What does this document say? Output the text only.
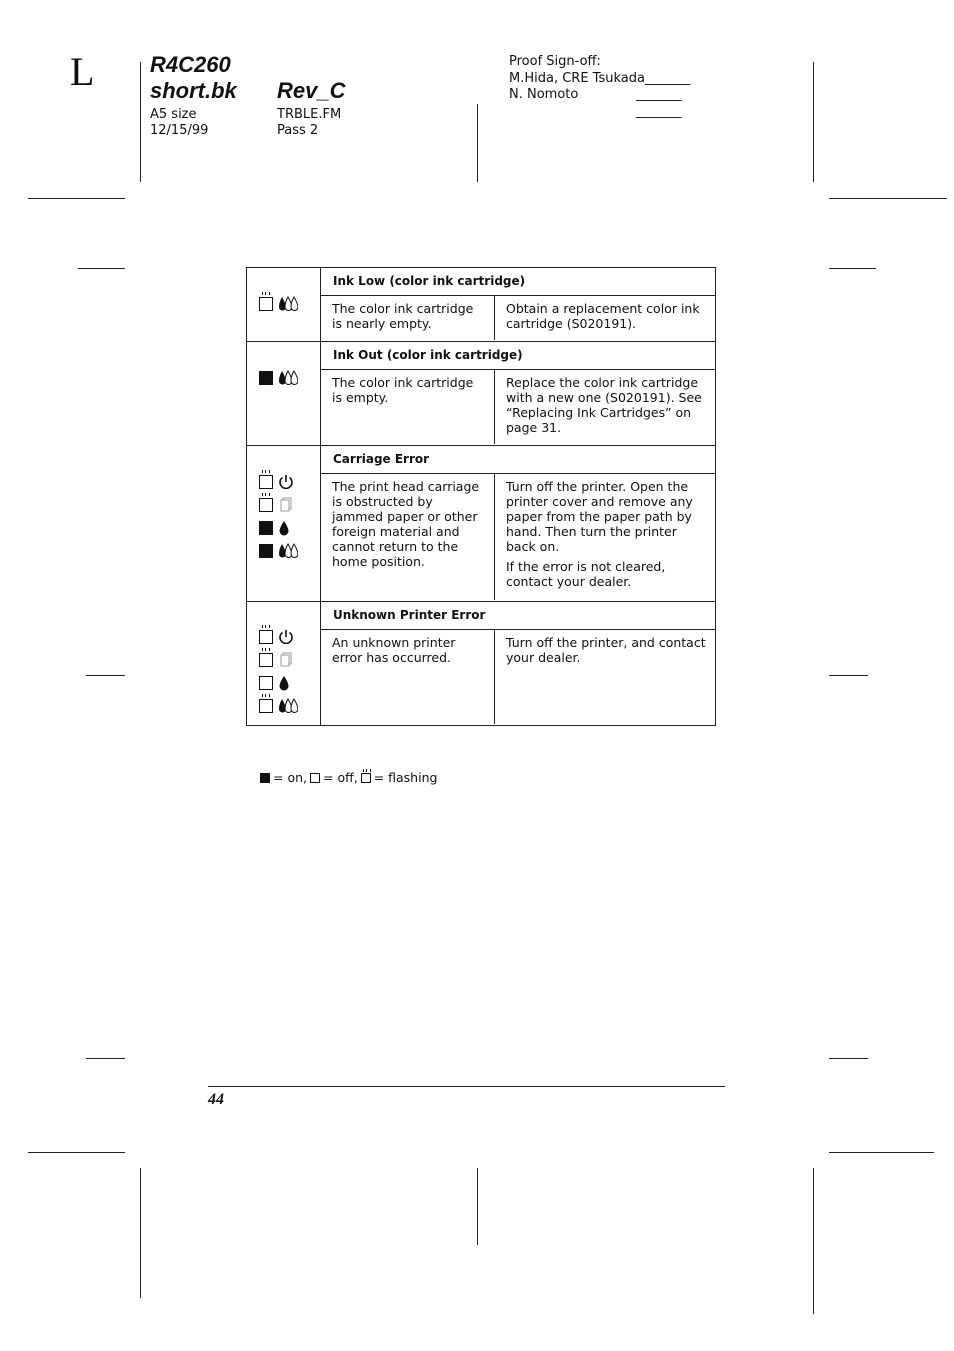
L	R4C260
short.bk Rev_C
A5 size
12/15/99
TRBLE.FM
Pass 2
Proof Sign-off:
M.Hida, CRE Tsukada_______
N. Nomoto	_______
_______
Ink Low (color ink cartridge)
The color ink cartridge is nearly empty.
Obtain a replacement color ink cartridge (S020191).
Ink Out (color ink cartridge)
The color ink cartridge is empty.
Replace the color ink cartridge with a new one (S020191). See “Replacing Ink Cartridges” on page 31.
Carriage Error
The print head carriage is obstructed by jammed paper or other foreign material and cannot return to the home position.
Turn off the printer. Open the printer cover and remove any paper from the paper path by hand. Then turn the printer back on.
If the error is not cleared, contact your dealer.
Unknown Printer Error
An unknown printer error has occurred.
Turn off the printer, and contact your dealer.
= on, = off, = flashing
44
